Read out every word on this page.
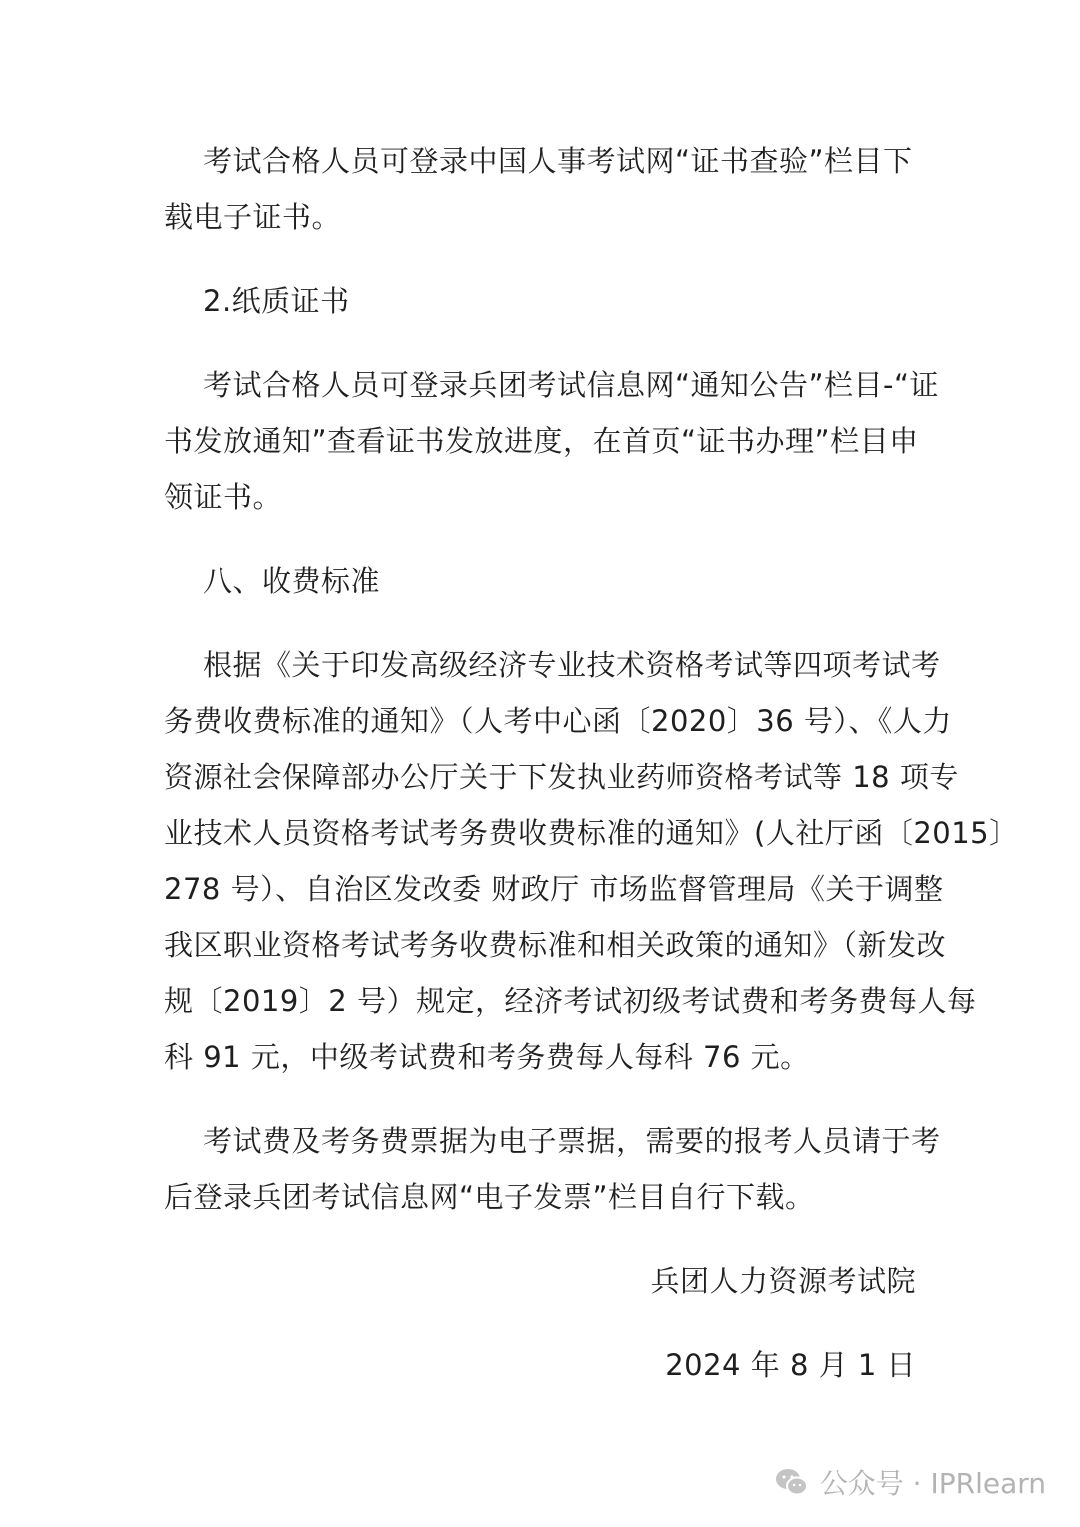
考试合格人员可登录中国人事考试网“证书查验”栏目下
载电子证书。
2.纸质证书
考试合格人员可登录兵团考试信息网“通知公告”栏目-“证
书发放通知”查看证书发放进度，在首页“证书办理”栏目申
领证书。
八、收费标准
根据《关于印发高级经济专业技术资格考试等四项考试考
务费收费标准的通知》（人考中心函〔2020〕36 号）、《人力
资源社会保障部办公厅关于下发执业药师资格考试等 18 项专
业技术人员资格考试考务费收费标准的通知》(人社厅函〔2015〕
278 号）、自治区发改委 财政厅 市场监督管理局《关于调整
我区职业资格考试考务收费标准和相关政策的通知》（新发改
规〔2019〕2 号）规定，经济考试初级考试费和考务费每人每
科 91 元，中级考试费和考务费每人每科 76 元。
考试费及考务费票据为电子票据，需要的报考人员请于考
后登录兵团考试信息网“电子发票”栏目自行下载。
兵团人力资源考试院
2024 年 8 月 1 日
公众号 · IPRlearn
